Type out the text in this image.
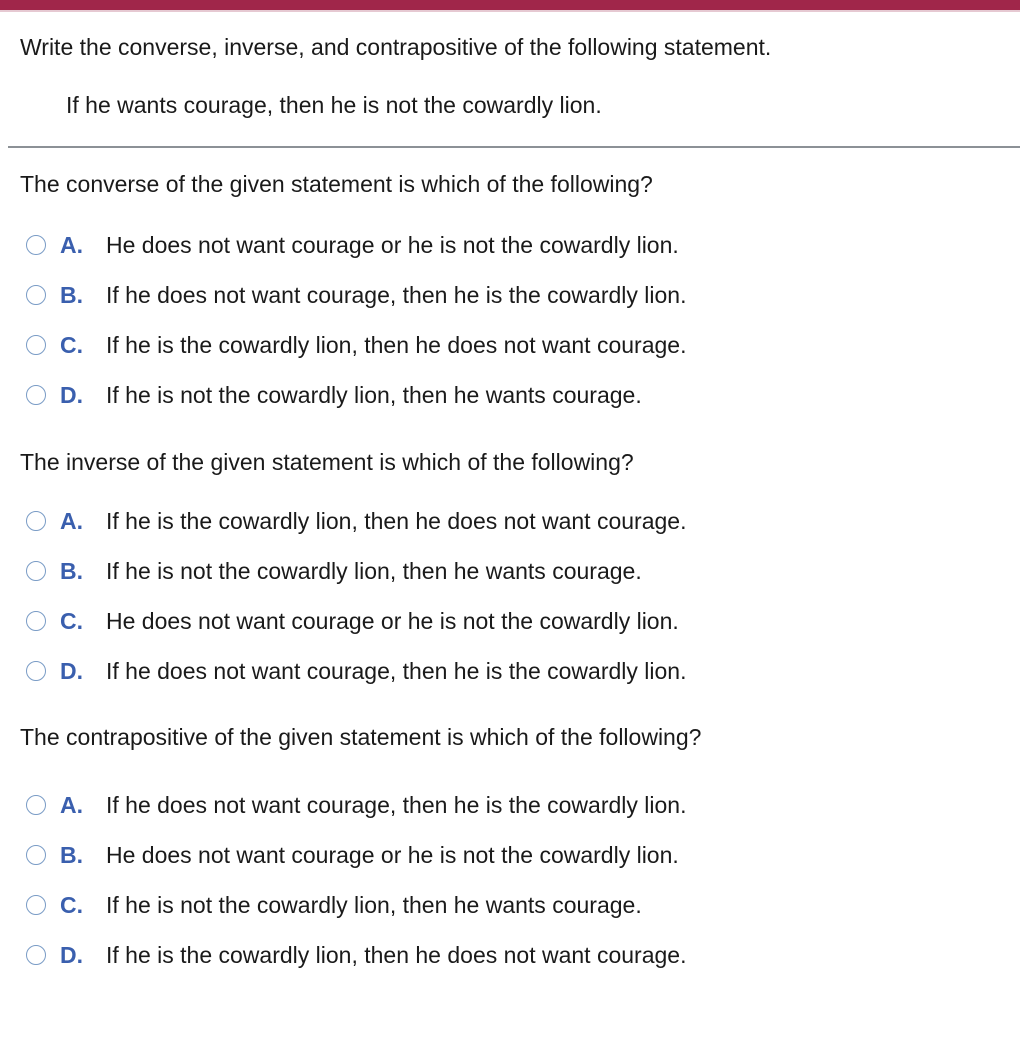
Write the converse, inverse, and contrapositive of the following statement.
If he wants courage, then he is not the cowardly lion.
The converse of the given statement is which of the following?
A.	He does not want courage or he is not the cowardly lion.
B.	If he does not want courage, then he is the cowardly lion.
C.	If he is the cowardly lion, then he does not want courage.
D.	If he is not the cowardly lion, then he wants courage.
The inverse of the given statement is which of the following?
A.	If he is the cowardly lion, then he does not want courage.
B.	If he is not the cowardly lion, then he wants courage.
C.	He does not want courage or he is not the cowardly lion.
D.	If he does not want courage, then he is the cowardly lion.
The contrapositive of the given statement is which of the following?
A.	If he does not want courage, then he is the cowardly lion.
B.	He does not want courage or he is not the cowardly lion.
C.	If he is not the cowardly lion, then he wants courage.
D.	If he is the cowardly lion, then he does not want courage.
